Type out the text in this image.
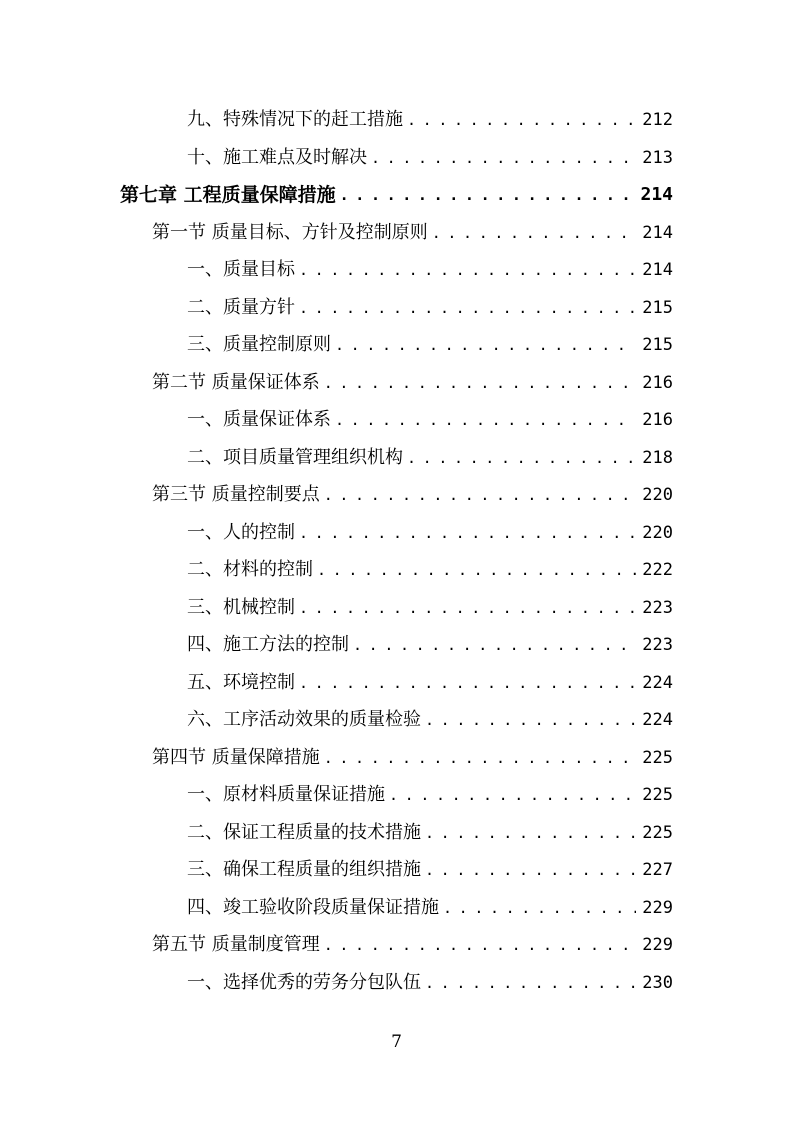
九、特殊情况下的赶工措施 . . .	212
十、施工难点及时解决 . . .	213
第七章 工程质量保障措施 . . .	214
第一节 质量目标、方针及控制原则 . . .	214
一、质量目标 . . .	214
二、质量方针 . . .	215
三、质量控制原则 . . .	215
第二节 质量保证体系 . . .	216
一、质量保证体系 . . .	216
二、项目质量管理组织机构 . . .	218
第三节 质量控制要点 . . .	220
一、人的控制 . . .	220
二、材料的控制 . . .	222
三、机械控制 . . .	223
四、施工方法的控制 . . .	223
五、环境控制 . . .	224
六、工序活动效果的质量检验 . . .	224
第四节 质量保障措施 . . .	225
一、原材料质量保证措施 . . .	225
二、保证工程质量的技术措施 . . .	225
三、确保工程质量的组织措施 . . .	227
四、竣工验收阶段质量保证措施 . . .	229
第五节 质量制度管理 . . .	229
一、选择优秀的劳务分包队伍 . . .	230
7
